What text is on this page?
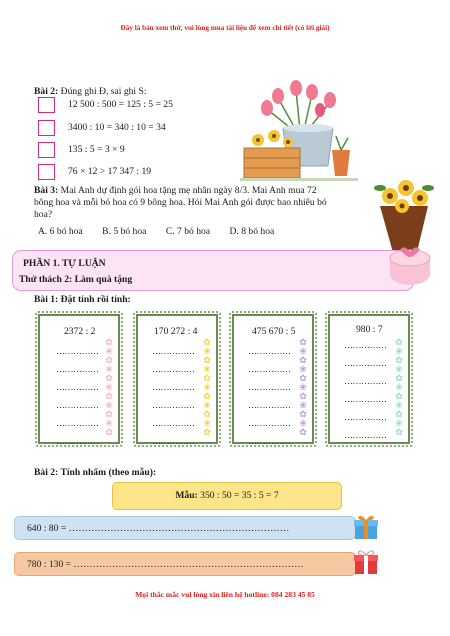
Đây là bản xem thử, vui lòng mua tài liệu để xem chi tiết (có lời giải)
Bài 2: Đúng ghi Đ, sai ghi S:
12 500 : 500 = 125 : 5 = 25
3400 : 10 = 340 : 10 = 34
135 : 5 = 3 × 9
76 × 12 > 17 347 : 19
Bài 3: Mai Anh dự định gói hoa tặng mẹ nhân ngày 8/3. Mai Anh mua 72
bông hoa và mỗi bó hoa có 9 bông hoa. Hỏi Mai Anh gói được bao nhiêu bó
hoa?
A. 6 bó hoa B. 5 bó hoa C. 7 bó hoa D. 8 bó hoa
PHẦN 1. TỰ LUẬN
Thử thách 2: Làm quà tặng
Bài 1: Đặt tính rồi tính:
2372 : 2
✿
❀
✿
❀
✿
❀
✿
❀
✿
❀
✿
170 272 : 4
✿
❀
✿
❀
✿
❀
✿
❀
✿
❀
✿
475 670 : 5
✿
❀
✿
❀
✿
❀
✿
❀
✿
❀
✿
980 : 7
✿
❀
✿
❀
✿
❀
✿
❀
✿
❀
✿
……………
……………
……………
……………
……………
……………
……………
……………
……………
……………
……………
……………
……………
……………
……………
……………
……………
……………
……………
……………
……………
……………
……………
……………
Bài 2: Tính nhẩm (theo mẫu):
Mẫu: 350 : 50 = 35 : 5 = 7
640 : 80 = ……………………………………………………………
780 : 130 = ………………………………………………………………
Mọi thắc mắc vui lòng xin liên hệ hotline: 084 283 45 85
